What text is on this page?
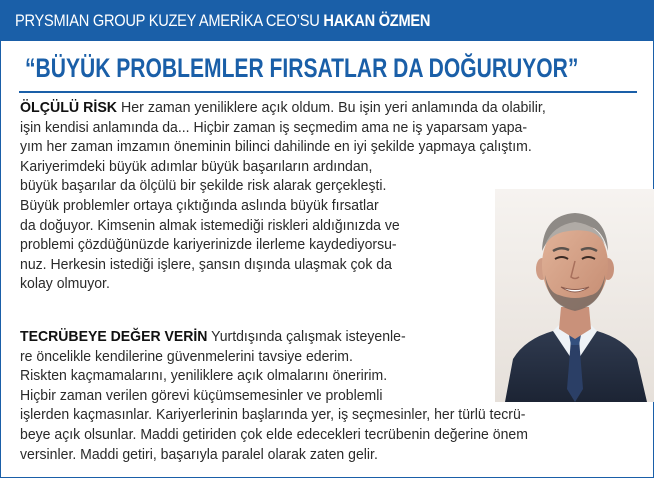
PRYSMIAN GROUP KUZEY AMERİKA CEO’SU HAKAN ÖZMEN
“BÜYÜK PROBLEMLER FIRSATLAR DA DOĞURUYOR”
ÖLÇÜLÜ RİSK Her zaman yeniliklere açık oldum. Bu işin yeri anlamında da olabilir,
işin kendisi anlamında da... Hiçbir zaman iş seçmedim ama ne iş yaparsam yapa-
yım her zaman imzamın öneminin bilinci dahilinde en iyi şekilde yapmaya çalıştım.
Kariyerimdeki büyük adımlar büyük başarıların ardından,
büyük başarılar da ölçülü bir şekilde risk alarak gerçekleşti.
Büyük problemler ortaya çıktığında aslında büyük fırsatlar
da doğuyor. Kimsenin almak istemediği riskleri aldığınızda ve
problemi çözdüğünüzde kariyerinizde ilerleme kaydediyorsu-
nuz. Herkesin istediği işlere, şansın dışında ulaşmak çok da
kolay olmuyor.
TECRÜBEYE DEĞER VERİN Yurtdışında çalışmak isteyenle-
re öncelikle kendilerine güvenmelerini tavsiye ederim.
Riskten kaçmamalarını, yeniliklere açık olmalarını öneririm.
Hiçbir zaman verilen görevi küçümsemesinler ve problemli
işlerden kaçmasınlar. Kariyerlerinin başlarında yer, iş seçmesinler, her türlü tecrü-
beye açık olsunlar. Maddi getiriden çok elde edecekleri tecrübenin değerine önem
versinler. Maddi getiri, başarıyla paralel olarak zaten gelir.
